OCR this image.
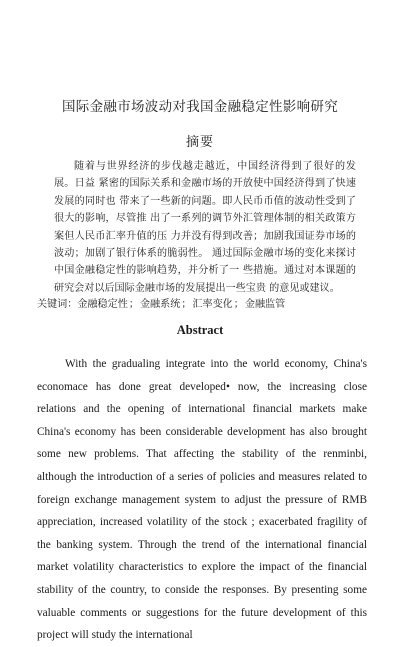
国际金融市场波动对我国金融稳定性影响研究
摘要

随着与世界经济的步伐越走越近，中国经济得到了很好的发展。日益 紧密的国际关系和金融市场的开放使中国经济得到了快速发展的同时也 带来了一些新的问题。即人民币币值的波动性受到了很大的影响，尽管推 出了一系列的调节外汇管理体制的相关政策方案但人民币汇率升值的压 力并没有得到改善；加剧我国证券市场的波动；加剧了银行体系的脆弱性。 通过国际金融市场的变化来探讨中国金融稳定性的影响趋势，并分析了一 些措施。通过对本课题的研究会对以后国际金融市场的发展提出一些宝贵 的意见或建议。

关键词：金融稳定性；金融系统；汇率变化；金融监管

Abstract

With the gradualing integrate into the world economy, China's economace has done great developed• now, the increasing close relations and the opening of international financial markets make China's economy has been considerable development has also brought some new problems. That affecting the stability of the renminbi, although the introduction of a series of policies and measures related to foreign exchange management system to adjust the pressure of RMB appreciation, increased volatility of the stock ; exacerbated fragility of the banking system. Through the trend of the international financial market volatility characteristics to explore the impact of the financial stability of the country, to conside the responses. By presenting some valuable comments or suggestions for the future development of this project will study the international
